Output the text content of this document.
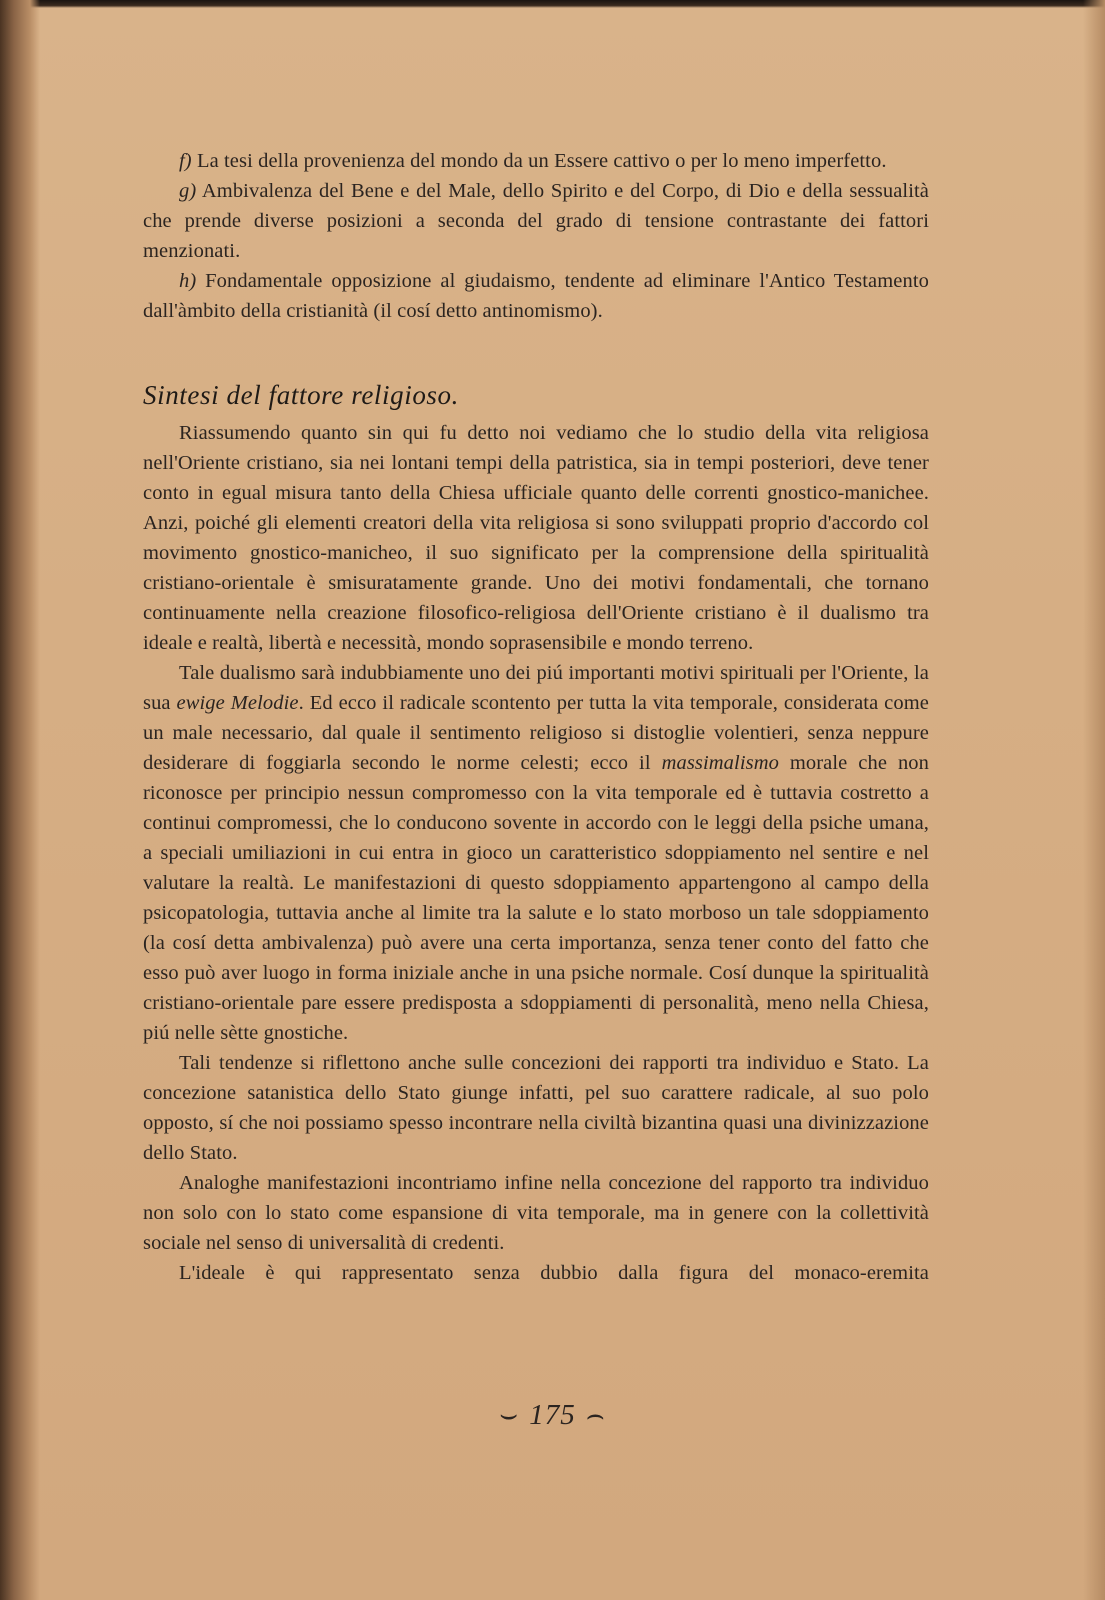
f) La tesi della provenienza del mondo da un Essere cattivo o per lo meno imperfetto.

g) Ambivalenza del Bene e del Male, dello Spirito e del Corpo, di Dio e della sessualità che prende diverse posizioni a seconda del grado di tensione contrastante dei fattori menzionati.

h) Fondamentale opposizione al giudaismo, tendente ad eliminare l'Antico Testamento dall'àmbito della cristianità (il cosí detto antinomismo).

Sintesi del fattore religioso.

Riassumendo quanto sin qui fu detto noi vediamo che lo studio della vita religiosa nell'Oriente cristiano, sia nei lontani tempi della patristica, sia in tempi posteriori, deve tener conto in egual misura tanto della Chiesa ufficiale quanto delle correnti gnostico-manichee. Anzi, poiché gli elementi creatori della vita religiosa si sono sviluppati proprio d'accordo col movimento gnostico-manicheo, il suo significato per la comprensione della spiritualità cristiano-orientale è smisuratamente grande. Uno dei motivi fondamentali, che tornano continuamente nella creazione filosofico-religiosa dell'Oriente cristiano è il dualismo tra ideale e realtà, libertà e necessità, mondo soprasensibile e mondo terreno.

Tale dualismo sarà indubbiamente uno dei piú importanti motivi spirituali per l'Oriente, la sua ewige Melodie. Ed ecco il radicale scontento per tutta la vita temporale, considerata come un male necessario, dal quale il sentimento religioso si distoglie volentieri, senza neppure desiderare di foggiarla secondo le norme celesti; ecco il massimalismo morale che non riconosce per principio nessun compromesso con la vita temporale ed è tuttavia costretto a continui compromessi, che lo conducono sovente in accordo con le leggi della psiche umana, a speciali umiliazioni in cui entra in gioco un caratteristico sdoppiamento nel sentire e nel valutare la realtà. Le manifestazioni di questo sdoppiamento appartengono al campo della psicopatologia, tuttavia anche al limite tra la salute e lo stato morboso un tale sdoppiamento (la cosí detta ambivalenza) può avere una certa importanza, senza tener conto del fatto che esso può aver luogo in forma iniziale anche in una psiche normale. Cosí dunque la spiritualità cristiano-orientale pare essere predisposta a sdoppiamenti di personalità, meno nella Chiesa, piú nelle sètte gnostiche.

Tali tendenze si riflettono anche sulle concezioni dei rapporti tra individuo e Stato. La concezione satanistica dello Stato giunge infatti, pel suo carattere radicale, al suo polo opposto, sí che noi possiamo spesso incontrare nella civiltà bizantina quasi una divinizzazione dello Stato.

Analoghe manifestazioni incontriamo infine nella concezione del rapporto tra individuo non solo con lo stato come espansione di vita temporale, ma in genere con la collettività sociale nel senso di universalità di credenti.

L'ideale è qui rappresentato senza dubbio dalla figura del monaco-eremita

⌣ 175 ⌢
